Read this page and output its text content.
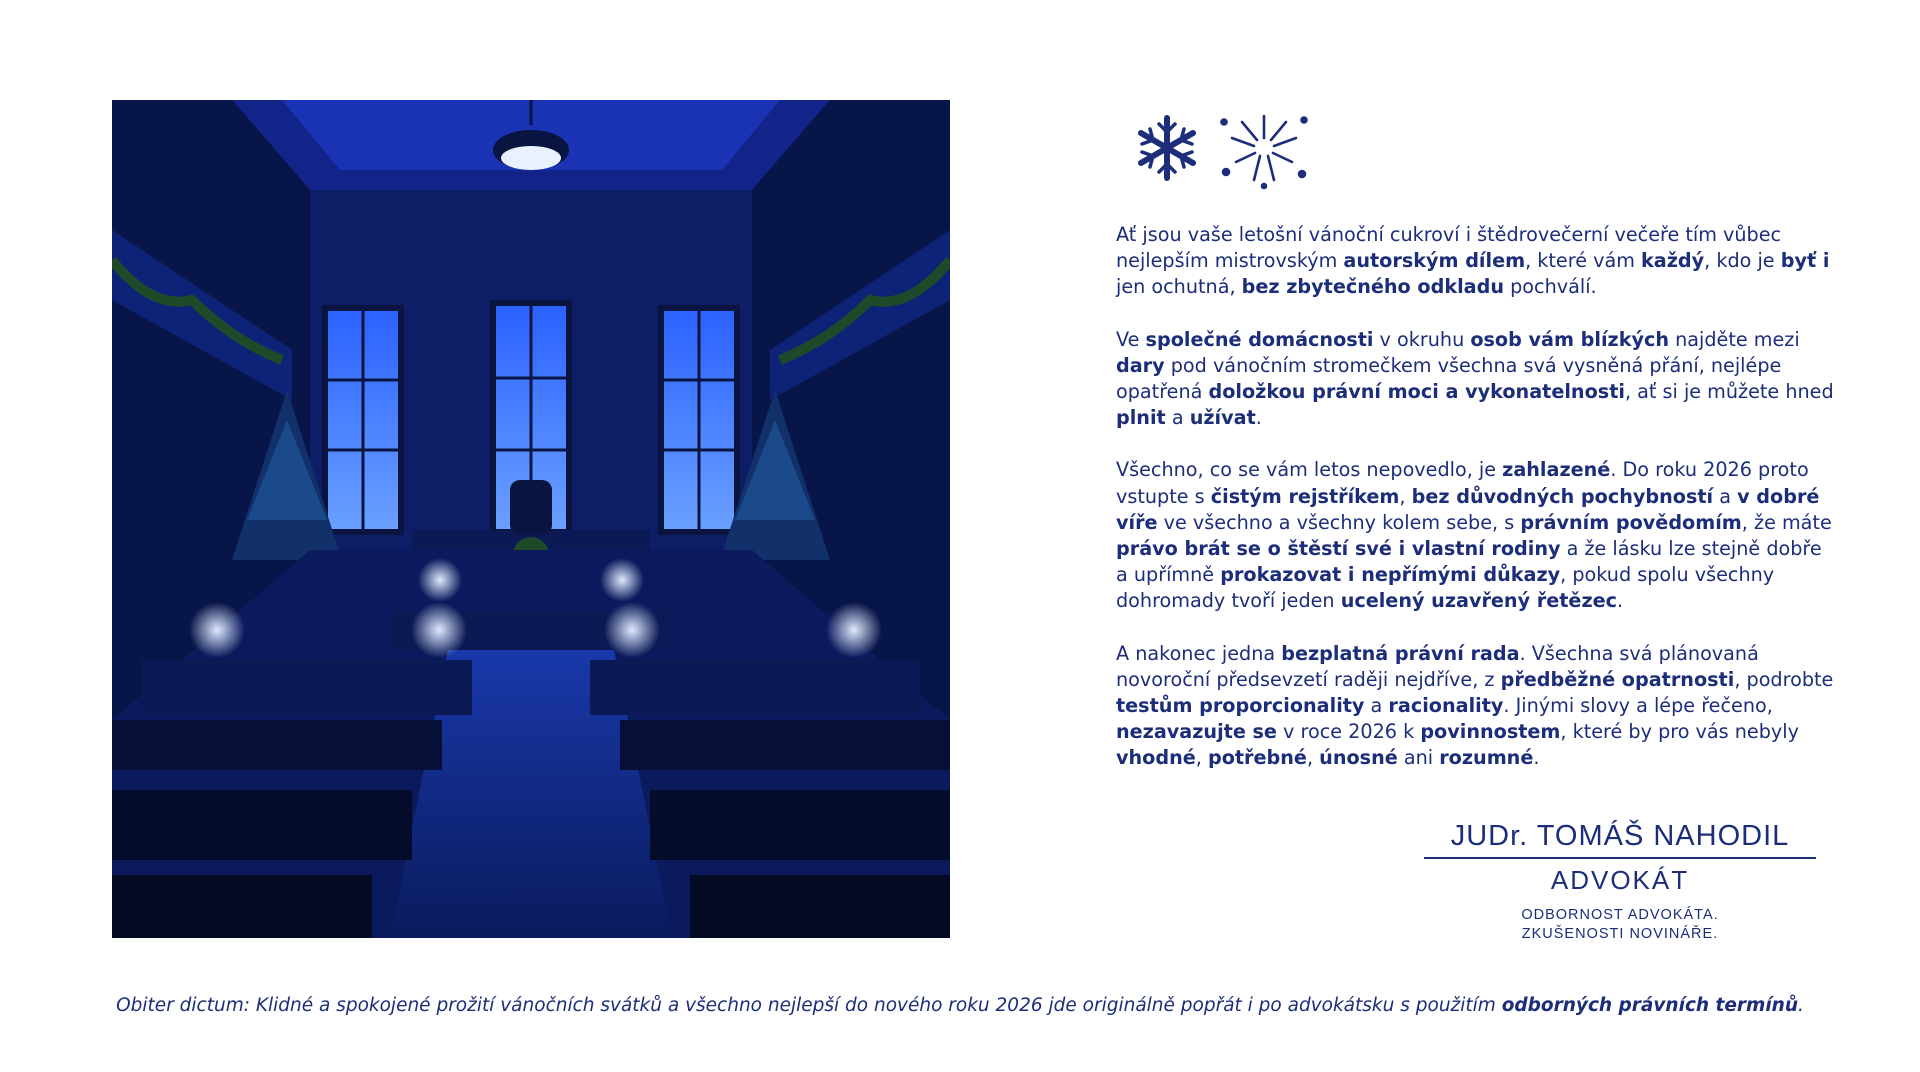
Ať jsou vaše letošní vánoční cukroví i štědrovečerní večeře tím vůbec nejlepším mistrovským autorským dílem, které vám každý, kdo je byť i jen ochutná, bez zbytečného odkladu pochválí.

Ve společné domácnosti v okruhu osob vám blízkých najděte mezi dary pod vánočním stromečkem všechna svá vysněná přání, nejlépe opatřená doložkou právní moci a vykonatelnosti, ať si je můžete hned plnit a užívat.

Všechno, co se vám letos nepovedlo, je zahlazené. Do roku 2026 proto vstupte s čistým rejstříkem, bez důvodných pochybností a v dobré víře ve všechno a všechny kolem sebe, s právním povědomím, že máte právo brát se o štěstí své i vlastní rodiny a že lásku lze stejně dobře a upřímně prokazovat i nepřímými důkazy, pokud spolu všechny dohromady tvoří jeden ucelený uzavřený řetězec.

A nakonec jedna bezplatná právní rada. Všechna svá plánovaná novoroční předsevzetí raději nejdříve, z předběžné opatrnosti, podrobte testům proporcionality a racionality. Jinými slovy a lépe řečeno, nezavazujte se v roce 2026 k povinnostem, které by pro vás nebyly vhodné, potřebné, únosné ani rozumné.

JUDr. TOMÁŠ NAHODIL
ADVOKÁT
ODBORNOST ADVOKÁTA.
ZKUŠENOSTI NOVINÁŘE.
Obiter dictum: Klidné a spokojené prožití vánočních svátků a všechno nejlepší do nového roku 2026 jde originálně popřát i po advokátsku s použitím odborných právních termínů.
